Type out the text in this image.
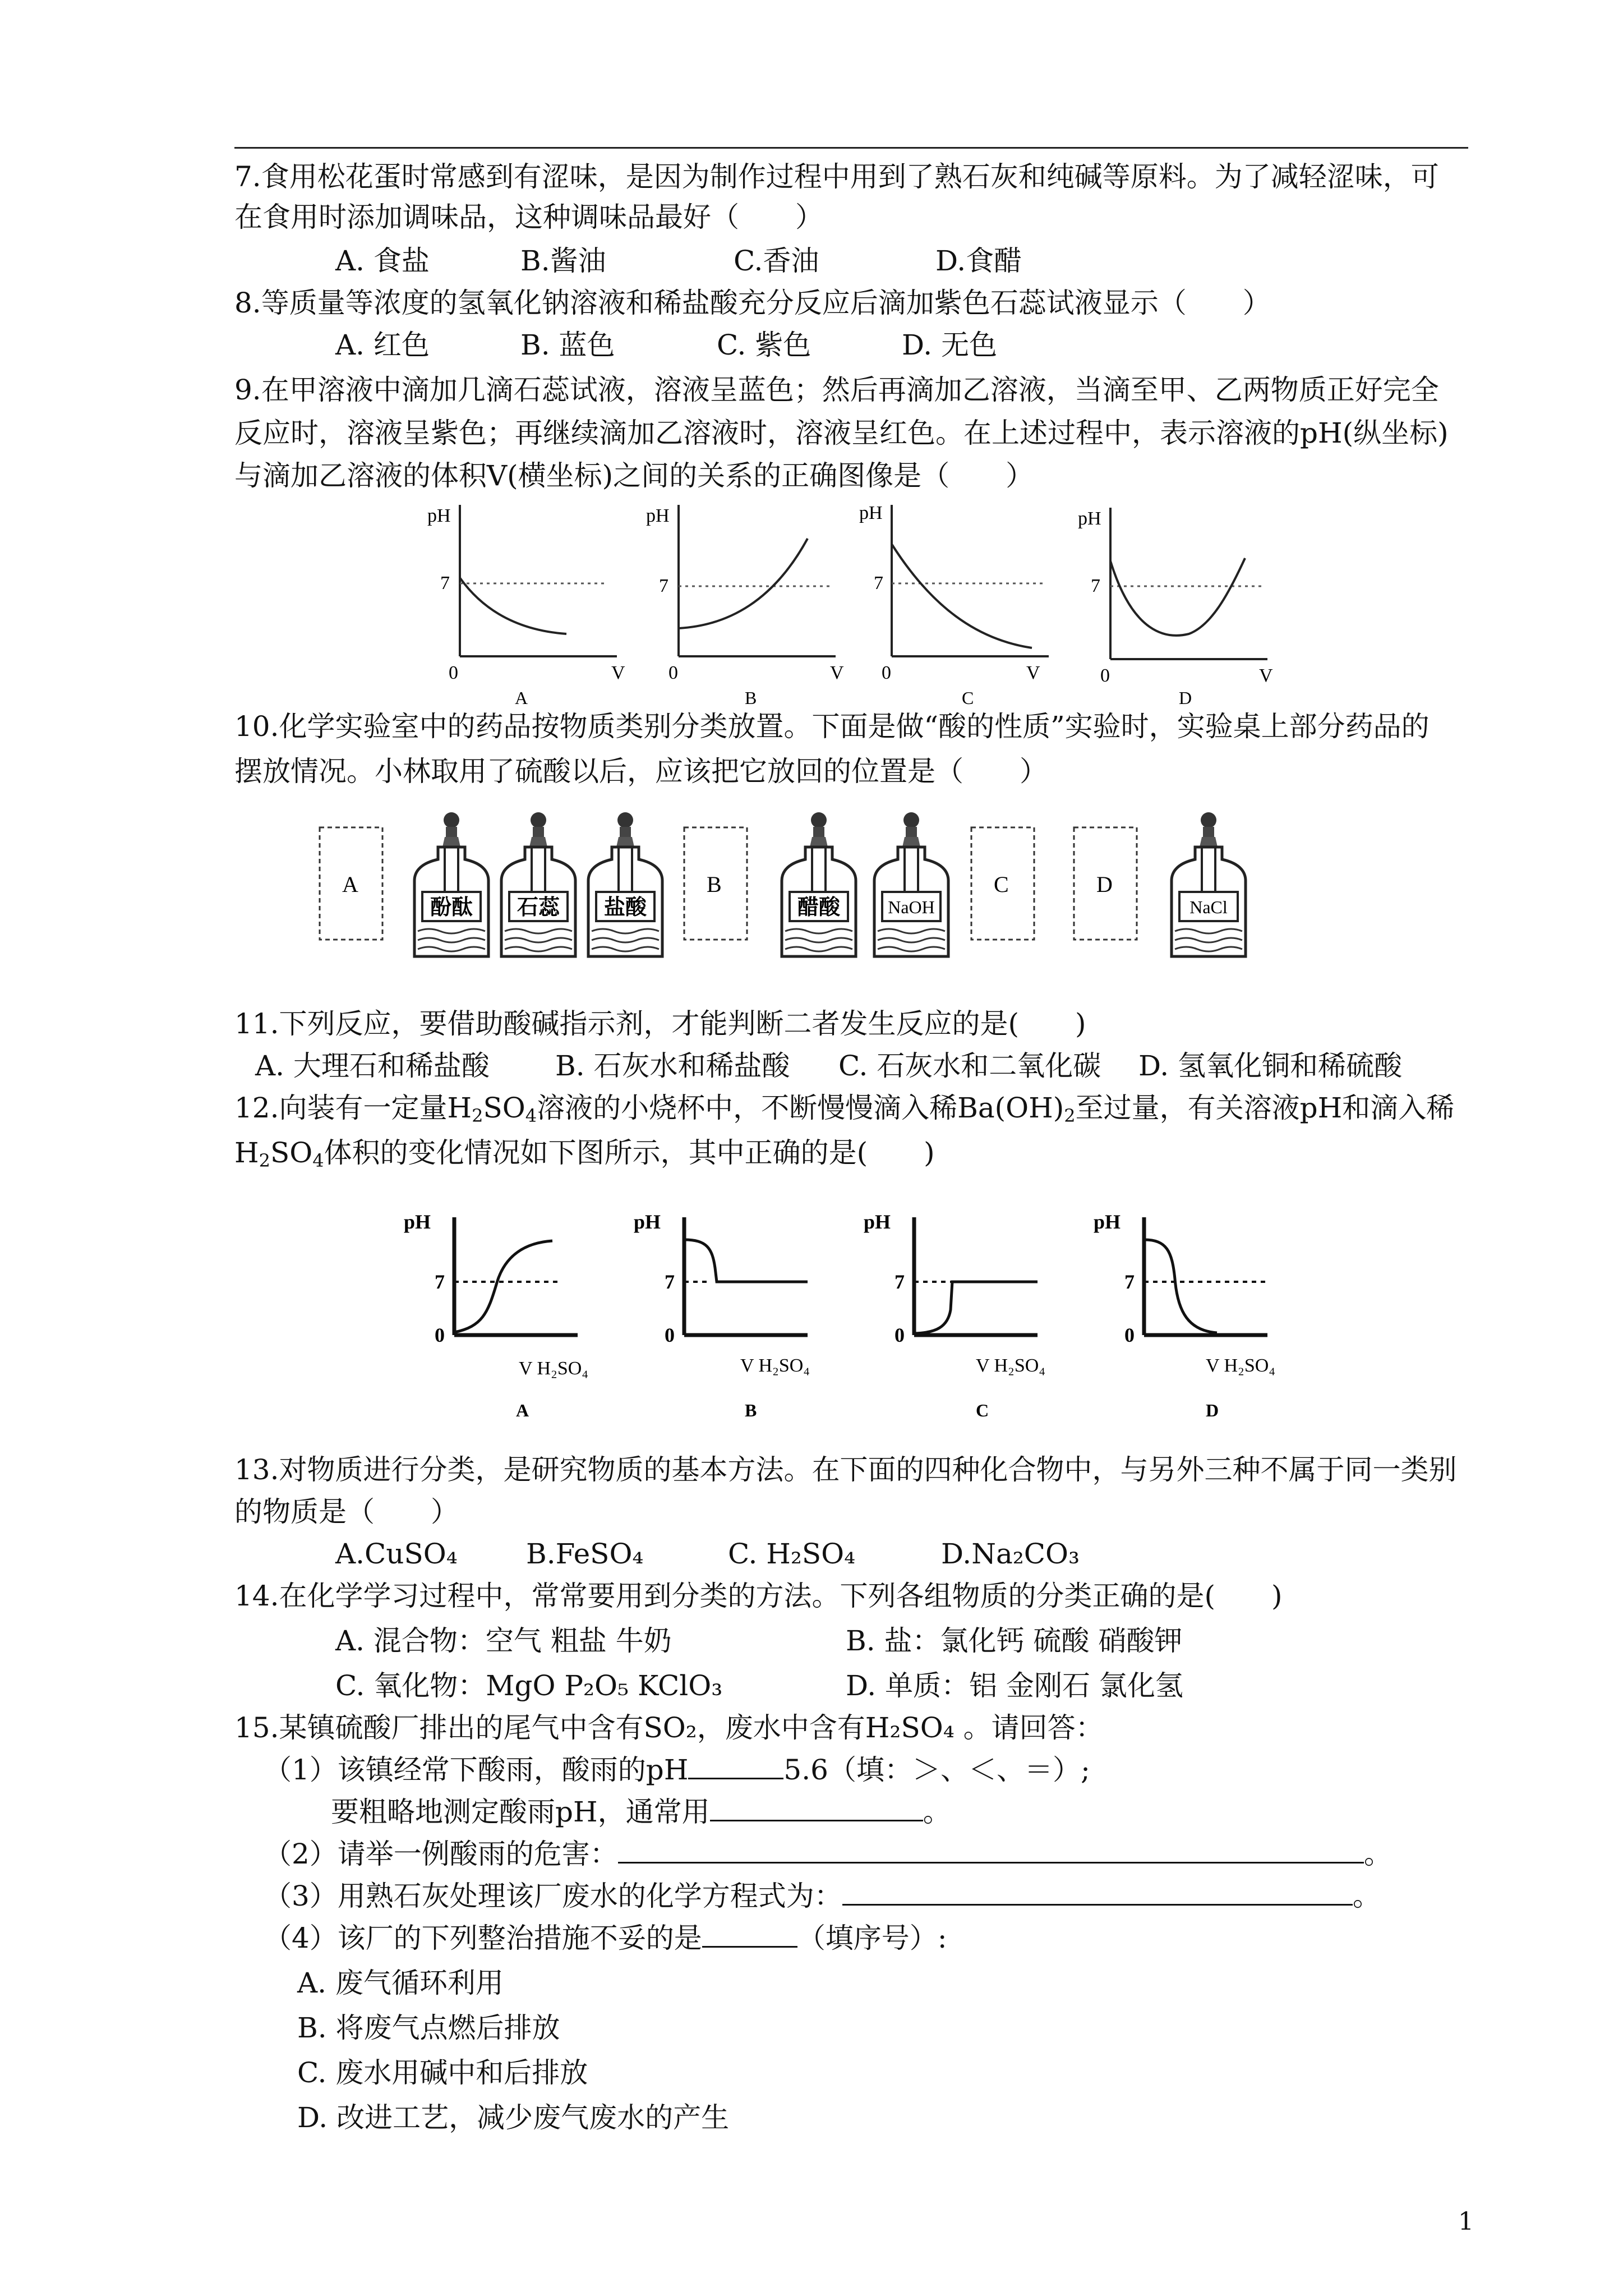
7.食用松花蛋时常感到有涩味，是因为制作过程中用到了熟石灰和纯碱等原料。为了减轻涩味，可
在食用时添加调味品，这种调味品最好（　　）
A. 食盐	B.酱油	C.香油	D.食醋
8.等质量等浓度的氢氧化钠溶液和稀盐酸充分反应后滴加紫色石蕊试液显示（　　）
A. 红色	B. 蓝色	C. 紫色	D. 无色
9.在甲溶液中滴加几滴石蕊试液，溶液呈蓝色；然后再滴加乙溶液，当滴至甲、乙两物质正好完全
反应时，溶液呈紫色；再继续滴加乙溶液时，溶液呈红色。在上述过程中，表示溶液的pH(纵坐标)
与滴加乙溶液的体积V(横坐标)之间的关系的正确图像是（　　）
pH
7
0	V
A
pH
7
0	V
B
pH
7
0	V
C
pH
7
0	V
D
10.化学实验室中的药品按物质类别分类放置。下面是做“酸的性质”实验时，实验桌上部分药品的
摆放情况。小林取用了硫酸以后，应该把它放回的位置是（　　）
A
酚酞 石蕊 盐酸
B
醋酸	NaOH
C	D
NaCl
11.下列反应，要借助酸碱指示剂，才能判断二者发生反应的是(　　)
A. 大理石和稀盐酸 B. 石灰水和稀盐酸 C. 石灰水和二氧化碳 D. 氢氧化铜和稀硫酸
12.向装有一定量$H_2SO_4$溶液的小烧杯中，不断慢慢滴入稀$Ba(OH)_2$至过量，有关溶液pH和滴入稀
$H_2SO_4$体积的变化情况如下图所示，其中正确的是(　　)
pH
7
0
V H₂SO₄
A
pH
7
0
V H₂SO₄
B
pH
7
0
V H₂SO₄
C
pH
7
0
V H₂SO₄
D
13.对物质进行分类，是研究物质的基本方法。在下面的四种化合物中，与另外三种不属于同一类别
的物质是（　　）
A.CuSO₄ B.FeSO₄	C. H₂SO₄	D.Na₂CO₃
14.在化学学习过程中，常常要用到分类的方法。下列各组物质的分类正确的是(　　)
A. 混合物：空气 粗盐 牛奶	B. 盐：氯化钙 硫酸 硝酸钾
C. 氧化物：MgO P₂O₅ KClO₃	D. 单质：铝 金刚石 氯化氢
15.某镇硫酸厂排出的尾气中含有SO₂，废水中含有H₂SO₄ 。请回答：
（1）该镇经常下酸雨，酸雨的pH	5.6（填：＞、＜、＝）;
要粗略地测定酸雨pH，通常用	。
（2）请举一例酸雨的危害：	。
（3）用熟石灰处理该厂废水的化学方程式为：	。
（4）该厂的下列整治措施不妥的是	（填序号）:
A. 废气循环利用
B. 将废气点燃后排放
C. 废水用碱中和后排放
D. 改进工艺，减少废气废水的产生
1
